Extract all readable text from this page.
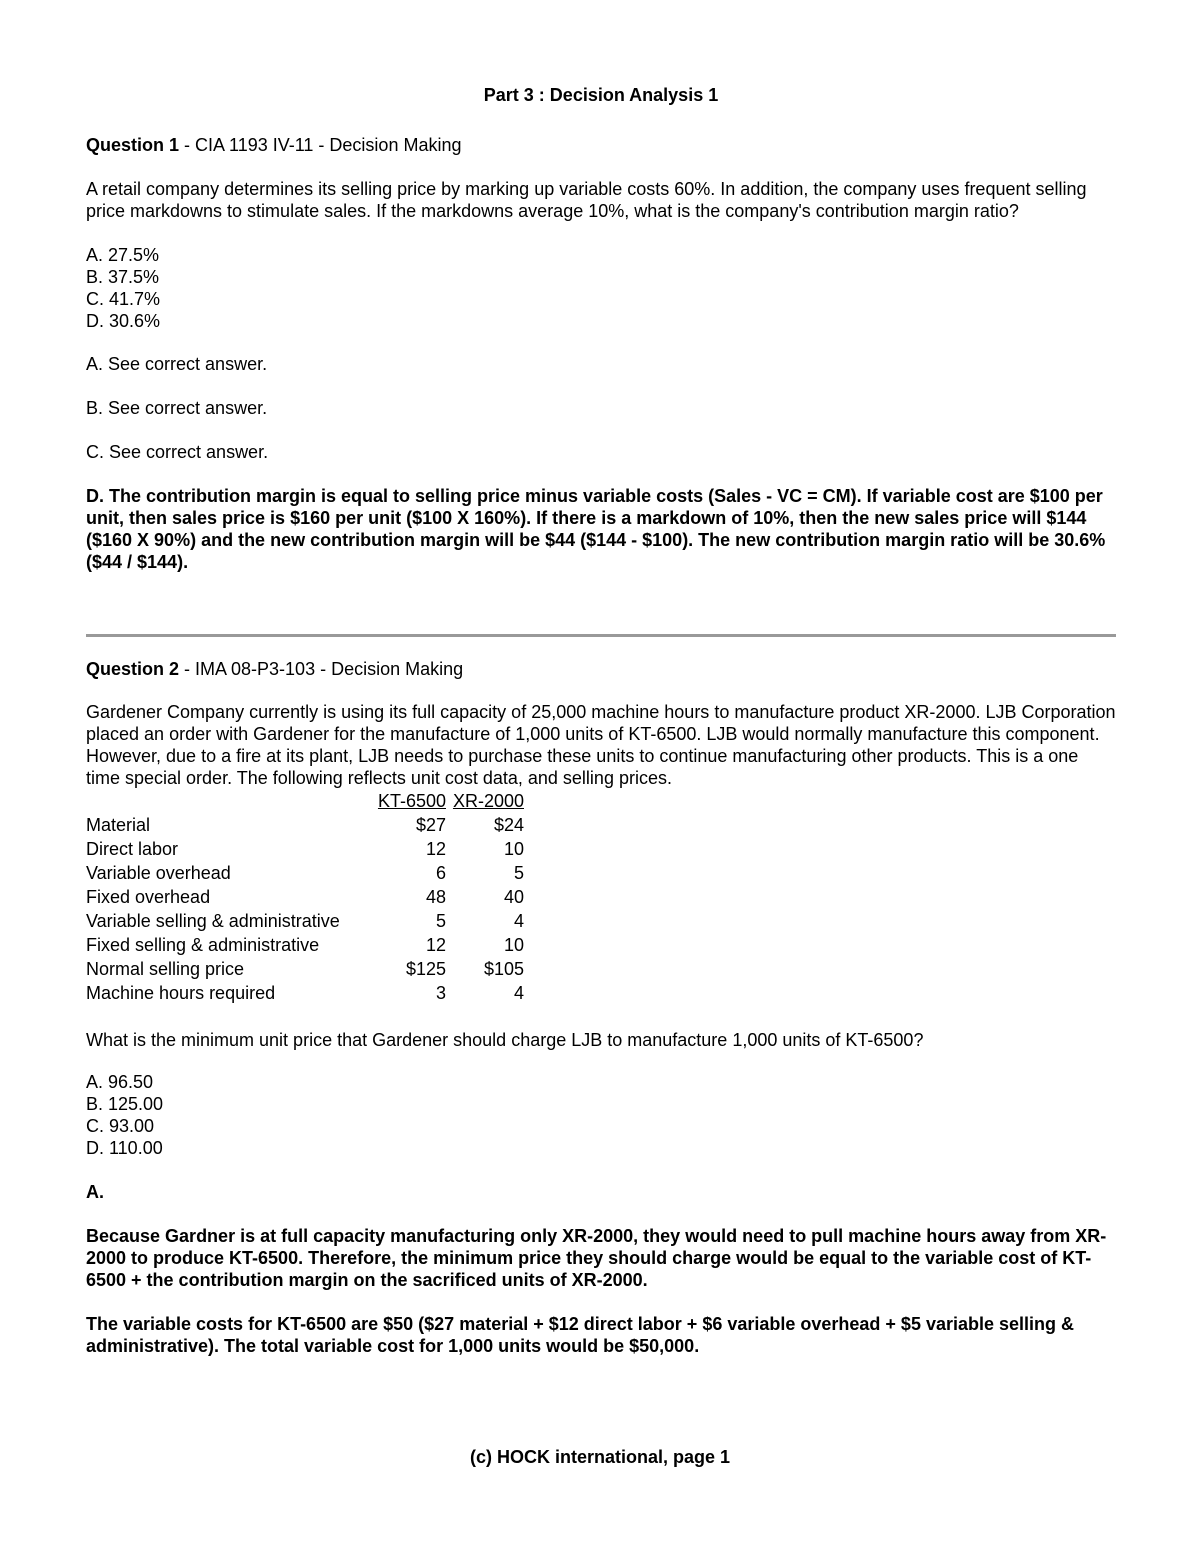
Part 3 : Decision Analysis 1

Question 1 - CIA 1193 IV-11 - Decision Making

A retail company determines its selling price by marking up variable costs 60%. In addition, the company uses frequent selling price markdowns to stimulate sales. If the markdowns average 10%, what is the company's contribution margin ratio?

A. 27.5%
B. 37.5%
C. 41.7%
D. 30.6%

A. See correct answer.

B. See correct answer.

C. See correct answer.

D. The contribution margin is equal to selling price minus variable costs (Sales - VC = CM). If variable cost are $100 per unit, then sales price is $160 per unit ($100 X 160%). If there is a markdown of 10%, then the new sales price will $144 ($160 X 90%) and the new contribution margin will be $44 ($144 - $100). The new contribution margin ratio will be 30.6% ($44 / $144).

Question 2 - IMA 08-P3-103 - Decision Making

Gardener Company currently is using its full capacity of 25,000 machine hours to manufacture product XR-2000. LJB Corporation placed an order with Gardener for the manufacture of 1,000 units of KT-6500. LJB would normally manufacture this component. However, due to a fire at its plant, LJB needs to purchase these units to continue manufacturing other products. This is a one time special order. The following reflects unit cost data, and selling prices.

	KT-6500	XR-2000
Material	$27	$24
Direct labor	12	10
Variable overhead	6	5
Fixed overhead	48	40
Variable selling & administrative	5	4
Fixed selling & administrative	12	10
Normal selling price	$125	$105
Machine hours required	3	4

What is the minimum unit price that Gardener should charge LJB to manufacture 1,000 units of KT-6500?

A. 96.50
B. 125.00
C. 93.00
D. 110.00

A.

Because Gardner is at full capacity manufacturing only XR-2000, they would need to pull machine hours away from XR-2000 to produce KT-6500. Therefore, the minimum price they should charge would be equal to the variable cost of KT-6500 + the contribution margin on the sacrificed units of XR-2000.

The variable costs for KT-6500 are $50 ($27 material + $12 direct labor + $6 variable overhead + $5 variable selling & administrative). The total variable cost for 1,000 units would be $50,000.

(c) HOCK international, page 1
